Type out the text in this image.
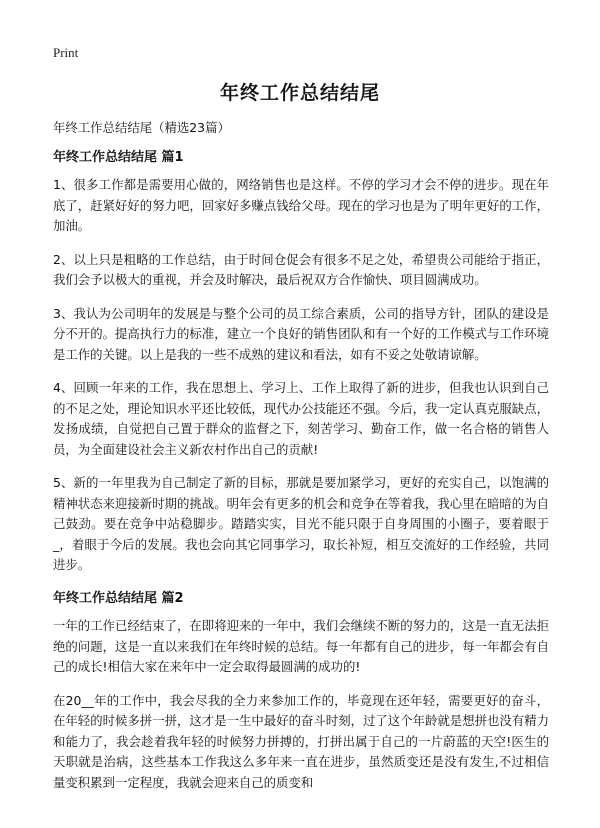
Print
年终工作总结结尾

年终工作总结结尾（精选23篇）

年终工作总结结尾 篇1

1、很多工作都是需要用心做的，网络销售也是这样。不停的学习才会不停的进步。现在年底了，赶紧好好的努力吧，回家好多赚点钱给父母。现在的学习也是为了明年更好的工作，加油。

2、以上只是粗略的工作总结，由于时间仓促会有很多不足之处，希望贵公司能给于指正，我们会予以极大的重视，并会及时解决，最后祝双方合作愉快、项目圆满成功。

3、我认为公司明年的发展是与整个公司的员工综合素质，公司的指导方针，团队的建设是分不开的。提高执行力的标准，建立一个良好的销售团队和有一个好的工作模式与工作环境是工作的关键。以上是我的一些不成熟的建议和看法，如有不妥之处敬请谅解。

4、回顾一年来的工作，我在思想上、学习上、工作上取得了新的进步，但我也认识到自己的不足之处，理论知识水平还比较低，现代办公技能还不强。今后，我一定认真克服缺点，发扬成绩，自觉把自己置于群众的监督之下，刻苦学习、勤奋工作，做一名合格的销售人员，为全面建设社会主义新农村作出自己的贡献!

5、新的一年里我为自己制定了新的目标，那就是要加紧学习，更好的充实自己，以饱满的精神状态来迎接新时期的挑战。明年会有更多的机会和竞争在等着我，我心里在暗暗的为自己鼓劲。要在竞争中站稳脚步。踏踏实实，目光不能只限于自身周围的小圈子，要着眼于_，着眼于今后的发展。我也会向其它同事学习，取长补短，相互交流好的工作经验，共同进步。

年终工作总结结尾 篇2

一年的工作已经结束了，在即将迎来的一年中，我们会继续不断的努力的，这是一直无法拒绝的问题，这是一直以来我们在年终时候的总结。每一年都有自己的进步，每一年都会有自己的成长!相信大家在来年中一定会取得最圆满的成功的!

在20__年的工作中，我会尽我的全力来参加工作的，毕竟现在还年轻，需要更好的奋斗，在年轻的时候多拼一拼，这才是一生中最好的奋斗时刻，过了这个年龄就是想拼也没有精力和能力了，我会趁着我年轻的时候努力拼搏的，打拼出属于自己的一片蔚蓝的天空!医生的天职就是治病，这些基本工作我这么多年来一直在进步，虽然质变还是没有发生,不过相信量变积累到一定程度，我就会迎来自己的质变和
